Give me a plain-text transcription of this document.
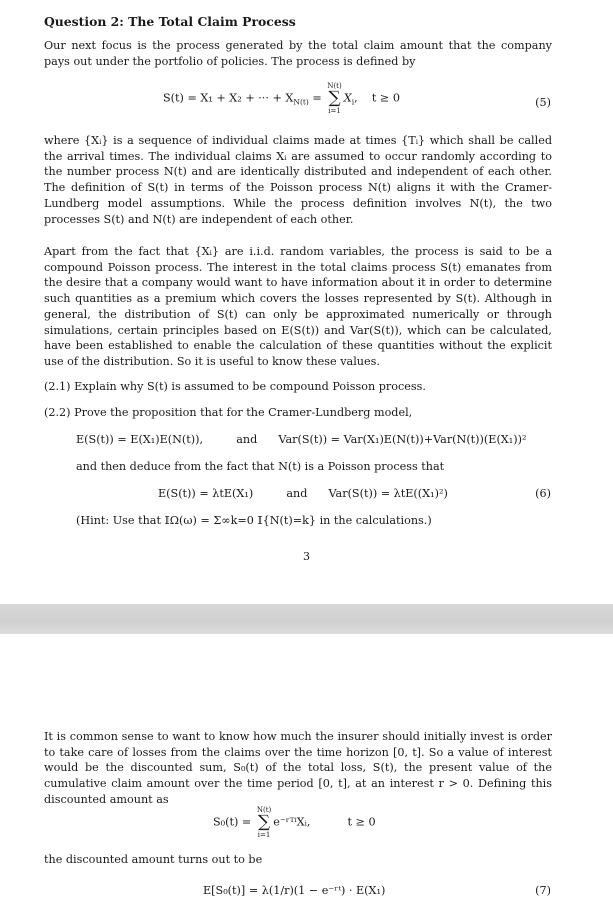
Question 2: The Total Claim Process
Our next focus is the process generated by the total claim amount that the company pays out under the portfolio of policies. The process is defined by
S(t) = X₁ + X₂ + ··· + $X_{N(t)}$ =
N(t)
∑
i=1
$X_i$,    t ≥ 0	(5)
where {Xᵢ} is a sequence of individual claims made at times {Tᵢ} which shall be called the arrival times. The individual claims Xᵢ are assumed to occur randomly according to the number process N(t) and are identically distributed and independent of each other. The definition of S(t) in terms of the Poisson process N(t) aligns it with the Cramer-Lundberg model assumptions. While the process definition involves N(t), the two processes S(t) and N(t) are independent of each other.
Apart from the fact that {Xᵢ} are i.i.d. random variables, the process is said to be a compound Poisson process. The interest in the total claims process S(t) emanates from the desire that a company would want to have information about it in order to determine such quantities as a premium which covers the losses represented by S(t). Although in general, the distribution of S(t) can only be approximated numerically or through simulations, certain principles based on E(S(t)) and Var(S(t)), which can be calculated, have been established to enable the calculation of these quantities without the explicit use of the distribution. So it is useful to know these values.
(2.1) Explain why S(t) is assumed to be compound Poisson process.
(2.2) Prove the proposition that for the Cramer-Lundberg model,
E(S(t)) = E(X₁)E(N(t)),	and Var(S(t)) = Var(X₁)E(N(t))+Var(N(t))(E(X₁))²
and then deduce from the fact that N(t) is a Poisson process that
E(S(t)) = λtE(X₁)	and Var(S(t)) = λtE((X₁)²)	(6)
(Hint: Use that 𝕀Ω(ω) = Σ∞k=0 𝕀{N(t)=k} in the calculations.)
3
It is common sense to want to know how much the insurer should initially invest is order to take care of losses from the claims over the time horizon [0, t]. So a value of interest would be the discounted sum, S₀(t) of the total loss, S(t), the present value of the cumulative claim amount over the time period [0, t], at an interest r > 0. Defining this discounted amount as
S₀(t) =
N(t)
∑
i=1
e⁻ʳᵀⁱXᵢ,	t ≥ 0
the discounted amount turns out to be
E[S₀(t)] = λ(1/r)(1 − e⁻ʳᵗ) · E(X₁)	(7)
